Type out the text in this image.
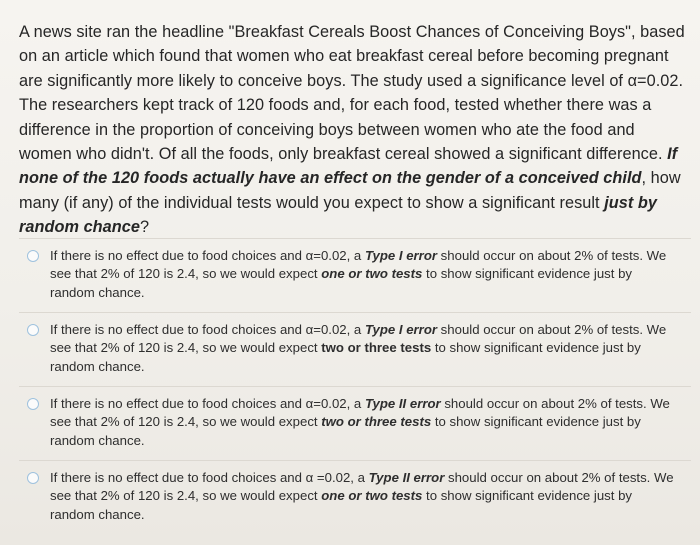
A news site ran the headline "Breakfast Cereals Boost Chances of Conceiving Boys", based on an article which found that women who eat breakfast cereal before becoming pregnant are significantly more likely to conceive boys. The study used a significance level of α=0.02. The researchers kept track of 120 foods and, for each food, tested whether there was a difference in the proportion of conceiving boys between women who ate the food and women who didn't. Of all the foods, only breakfast cereal showed a significant difference. If none of the 120 foods actually have an effect on the gender of a conceived child, how many (if any) of the individual tests would you expect to show a significant result just by random chance?
If there is no effect due to food choices and α=0.02, a Type I error should occur on about 2% of tests. We see that 2% of 120 is 2.4, so we would expect one or two tests to show significant evidence just by random chance.
If there is no effect due to food choices and α=0.02, a Type I error should occur on about 2% of tests. We see that 2% of 120 is 2.4, so we would expect two or three tests to show significant evidence just by random chance.
If there is no effect due to food choices and α=0.02, a Type II error should occur on about 2% of tests. We see that 2% of 120 is 2.4, so we would expect two or three tests to show significant evidence just by random chance.
If there is no effect due to food choices and α =0.02, a Type II error should occur on about 2% of tests. We see that 2% of 120 is 2.4, so we would expect one or two tests to show significant evidence just by random chance.
